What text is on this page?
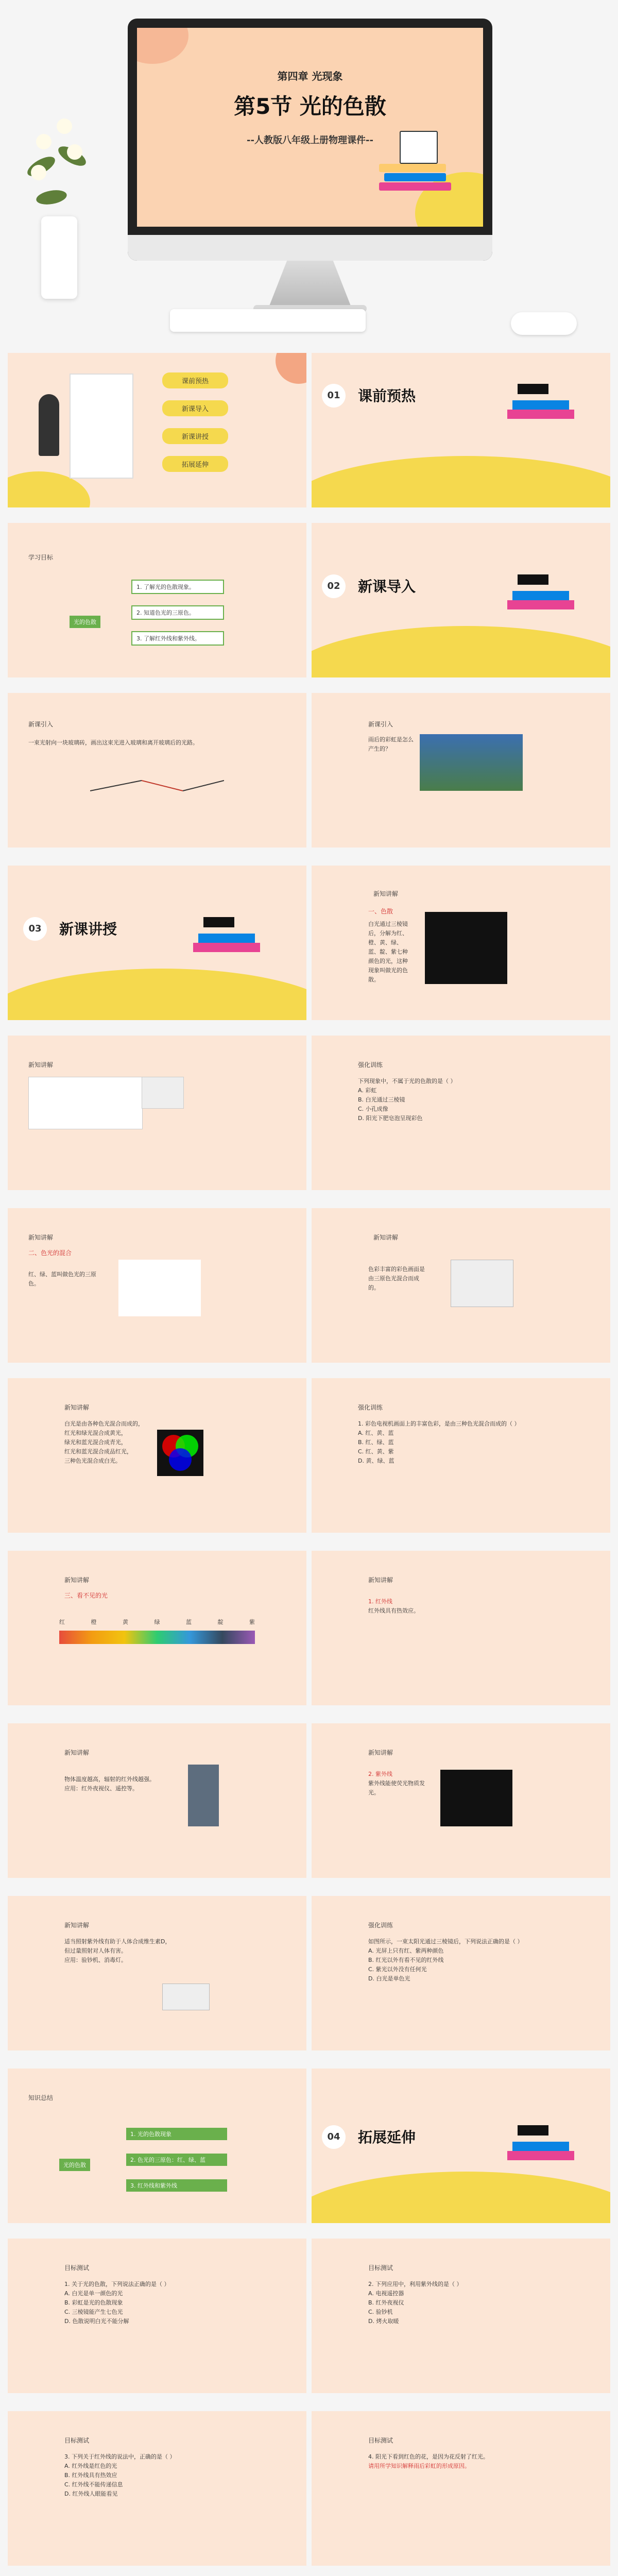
第四章 光现象
第5节 光的色散
--人教版八年级上册物理课件--
课前预热
新课导入
新课讲授
拓展延伸
01	课前预热
学习目标
光的色散
1. 了解光的色散现象。
2. 知道色光的三原色。
3. 了解红外线和紫外线。
02	新课导入
新课引入
一束光射向一块玻璃砖，画出这束光进入玻璃和离开玻璃后的光路。
新课引入
雨后的彩虹是怎么产生的？
03	新课讲授
新知讲解
一、色散
白光通过三棱镜后，分解为红、橙、黄、绿、蓝、靛、紫七种颜色的光，这种现象叫做光的色散。
新知讲解	强化训练
下列现象中，不属于光的色散的是（ ）
A. 彩虹
B. 白光通过三棱镜
C. 小孔成像
D. 阳光下肥皂泡呈现彩色
新知讲解
二、色光的混合
红、绿、蓝叫做色光的三原色。
新知讲解
色彩丰富的彩色画面是由三原色光混合而成的。
新知讲解
白光是由各种色光混合而成的，
红光和绿光混合成黄光，
绿光和蓝光混合成青光，
红光和蓝光混合成品红光，
三种色光混合成白光。
强化训练
1. 彩色电视机画面上的丰富色彩，是由三种色光混合而成的（ ）
A. 红、黄、蓝
B. 红、绿、蓝
C. 红、黄、紫
D. 黄、绿、蓝
新知讲解
三、看不见的光
红	橙	黄	绿	蓝	靛	紫
新知讲解
1. 红外线
红外线具有热效应。
新知讲解
物体温度越高，辐射的红外线越强。
应用：红外夜视仪、遥控等。
新知讲解
2. 紫外线
紫外线能使荧光物质发光。
新知讲解
适当照射紫外线有助于人体合成维生素D，
但过量照射对人体有害。
应用：验钞机、消毒灯。
强化训练
如图所示，一束太阳光通过三棱镜后，下列说法正确的是（ ）
A. 光屏上只有红、紫两种颜色
B. 红光以外有看不见的红外线
C. 紫光以外没有任何光
D. 白光是单色光
知识总结
光的色散
1. 光的色散现象
2. 色光的三原色：红、绿、蓝
3. 红外线和紫外线
04	拓展延伸
目标测试
1. 关于光的色散，下列说法正确的是（ ）
A. 白光是单一颜色的光
B. 彩虹是光的色散现象
C. 三棱镜能产生七色光
D. 色散说明白光不能分解
目标测试
2. 下列应用中，利用紫外线的是（ ）
A. 电视遥控器
B. 红外夜视仪
C. 验钞机
D. 烤火取暖
目标测试
3. 下列关于红外线的说法中，正确的是（ ）
A. 红外线是红色的光
B. 红外线具有热效应
C. 红外线不能传递信息
D. 红外线人眼能看见
目标测试
4. 阳光下看到红色的花，是因为花反射了红光。
请用所学知识解释雨后彩虹的形成原因。
